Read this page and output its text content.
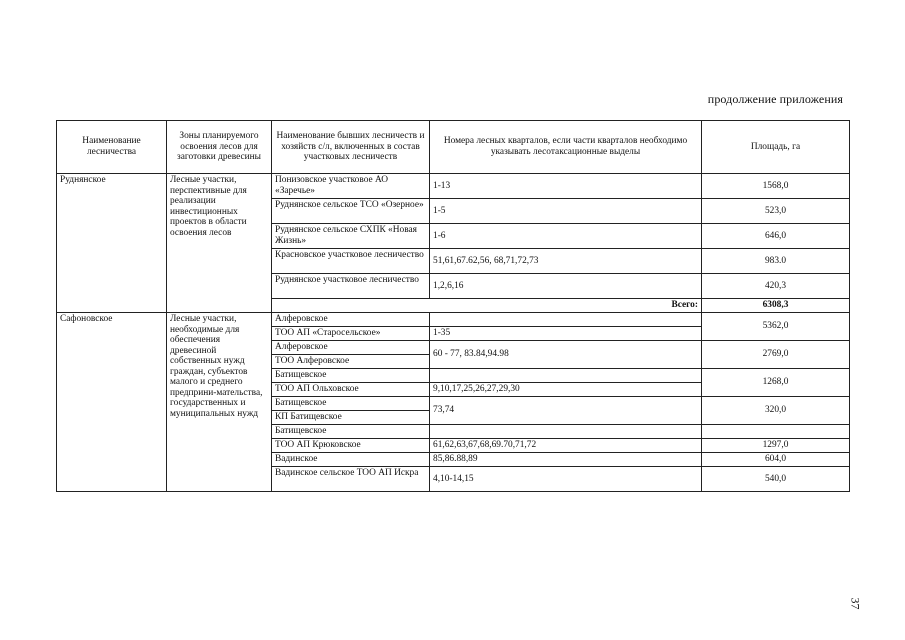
продолжение приложения
Наименование лесничества	Зоны планируемого освоения лесов для заготовки древесины	Наименование бывших лесничеств и хозяйств с/л, включенных в состав участковых лесничеств	Номера лесных кварталов, если части кварталов необходимо указывать лесотаксационные выделы	Площадь, га
Руднянское	Лесные участки, перспективные для реализации инвестиционных проектов в области освоения лесов	Понизовское участковое АО «Заречье»	1-13	1568,0
		Руднянское сельское ТСО «Озерное»	1-5	523,0
		Руднянское сельское СХПК «Новая Жизнь»	1-6	646,0
		Красновское участковое лесничество	51,61,67.62,56, 68,71,72,73	983.0
		Руднянское участковое лесничество	1,2,6,16	420,3
		Всего:		6308,3
Сафоновское	Лесные участки, необходимые для обеспечения древесиной собственных нужд граждан, субъектов малого и среднего предприни-мательства, государственных и муниципальных нужд	Алферовское		5362,0
		ТОО АП «Старосельское»	1-35	
		Алферовское	60 - 77, 83.84,94.98	2769,0
		ТОО Алферовское		
		Батищевское		1268,0
		ТОО АП Ольховское	9,10,17,25,26,27,29,30	
		Батищевское	73,74	320,0
		КП Батищевское		
		Батищевское		
		ТОО АП Крюковское	61,62,63,67,68,69.70,71,72	1297,0
		Вадинское	85,86.88,89	604,0
		Вадинское сельское ТОО АП Искра	4,10-14,15	540,0
37
